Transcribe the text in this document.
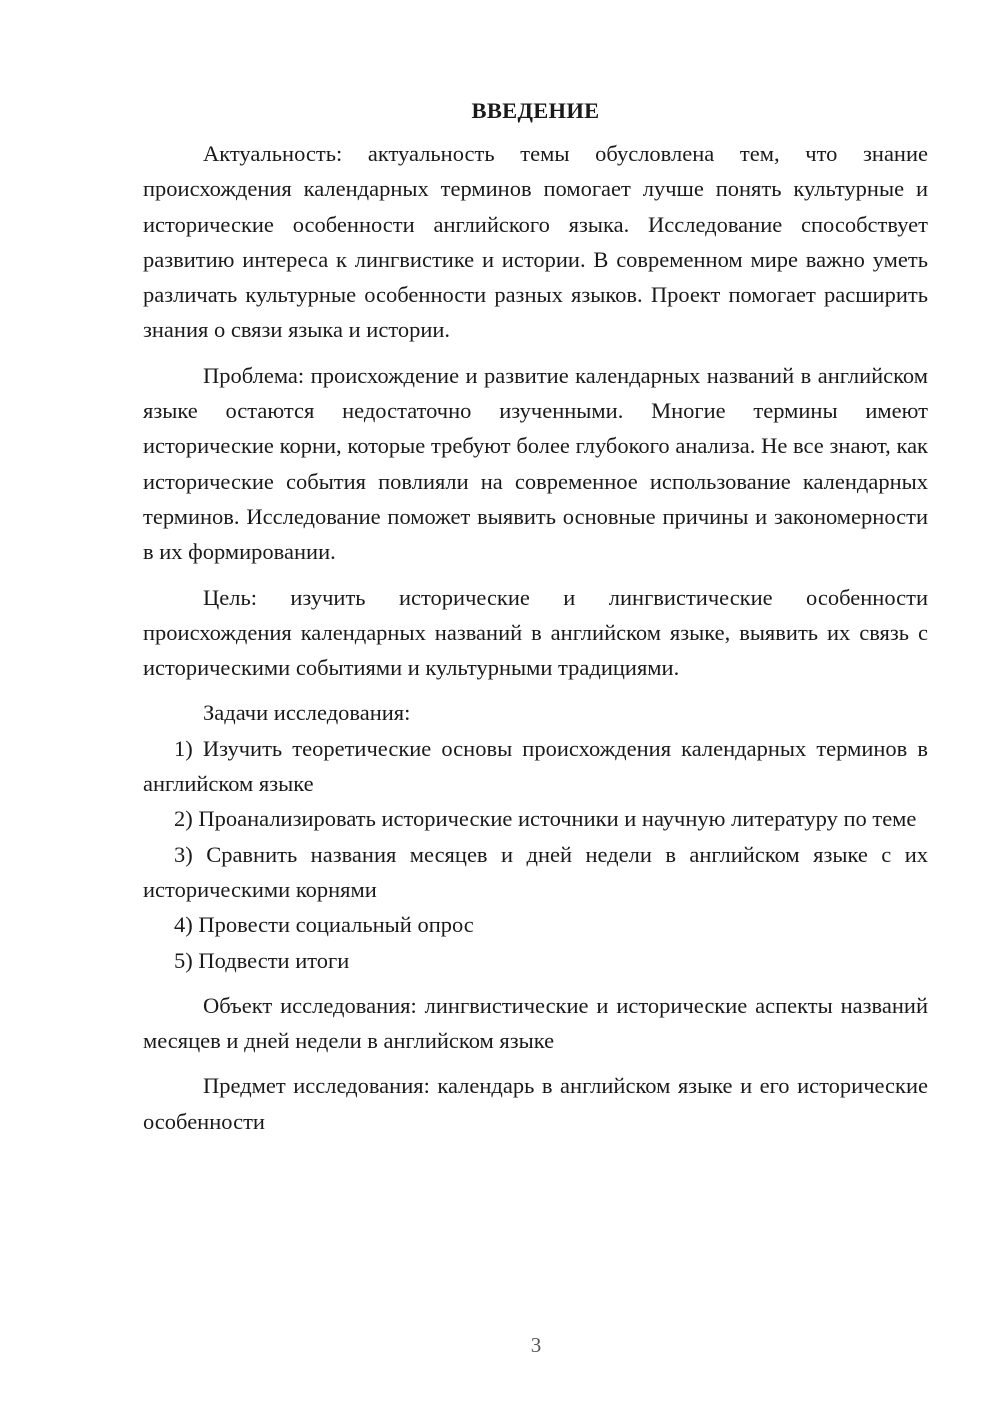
ВВЕДЕНИЕ

Актуальность: актуальность темы обусловлена тем, что знание происхождения календарных терминов помогает лучше понять культурные и исторические особенности английского языка. Исследование способствует развитию интереса к лингвистике и истории. В современном мире важно уметь различать культурные особенности разных языков. Проект помогает расширить знания о связи языка и истории.

Проблема: происхождение и развитие календарных названий в английском языке остаются недостаточно изученными. Многие термины имеют исторические корни, которые требуют более глубокого анализа. Не все знают, как исторические события повлияли на современное использование календарных терминов. Исследование поможет выявить основные причины и закономерности в их формировании.

Цель: изучить исторические и лингвистические особенности происхождения календарных названий в английском языке, выявить их связь с историческими событиями и культурными традициями.

Задачи исследования:

1) Изучить теоретические основы происхождения календарных терминов в английском языке

2) Проанализировать исторические источники и научную литературу по теме

3) Сравнить названия месяцев и дней недели в английском языке с их историческими корнями

4) Провести социальный опрос

5) Подвести итоги

Объект исследования: лингвистические и исторические аспекты названий месяцев и дней недели в английском языке

Предмет исследования: календарь в английском языке и его исторические особенности

3
